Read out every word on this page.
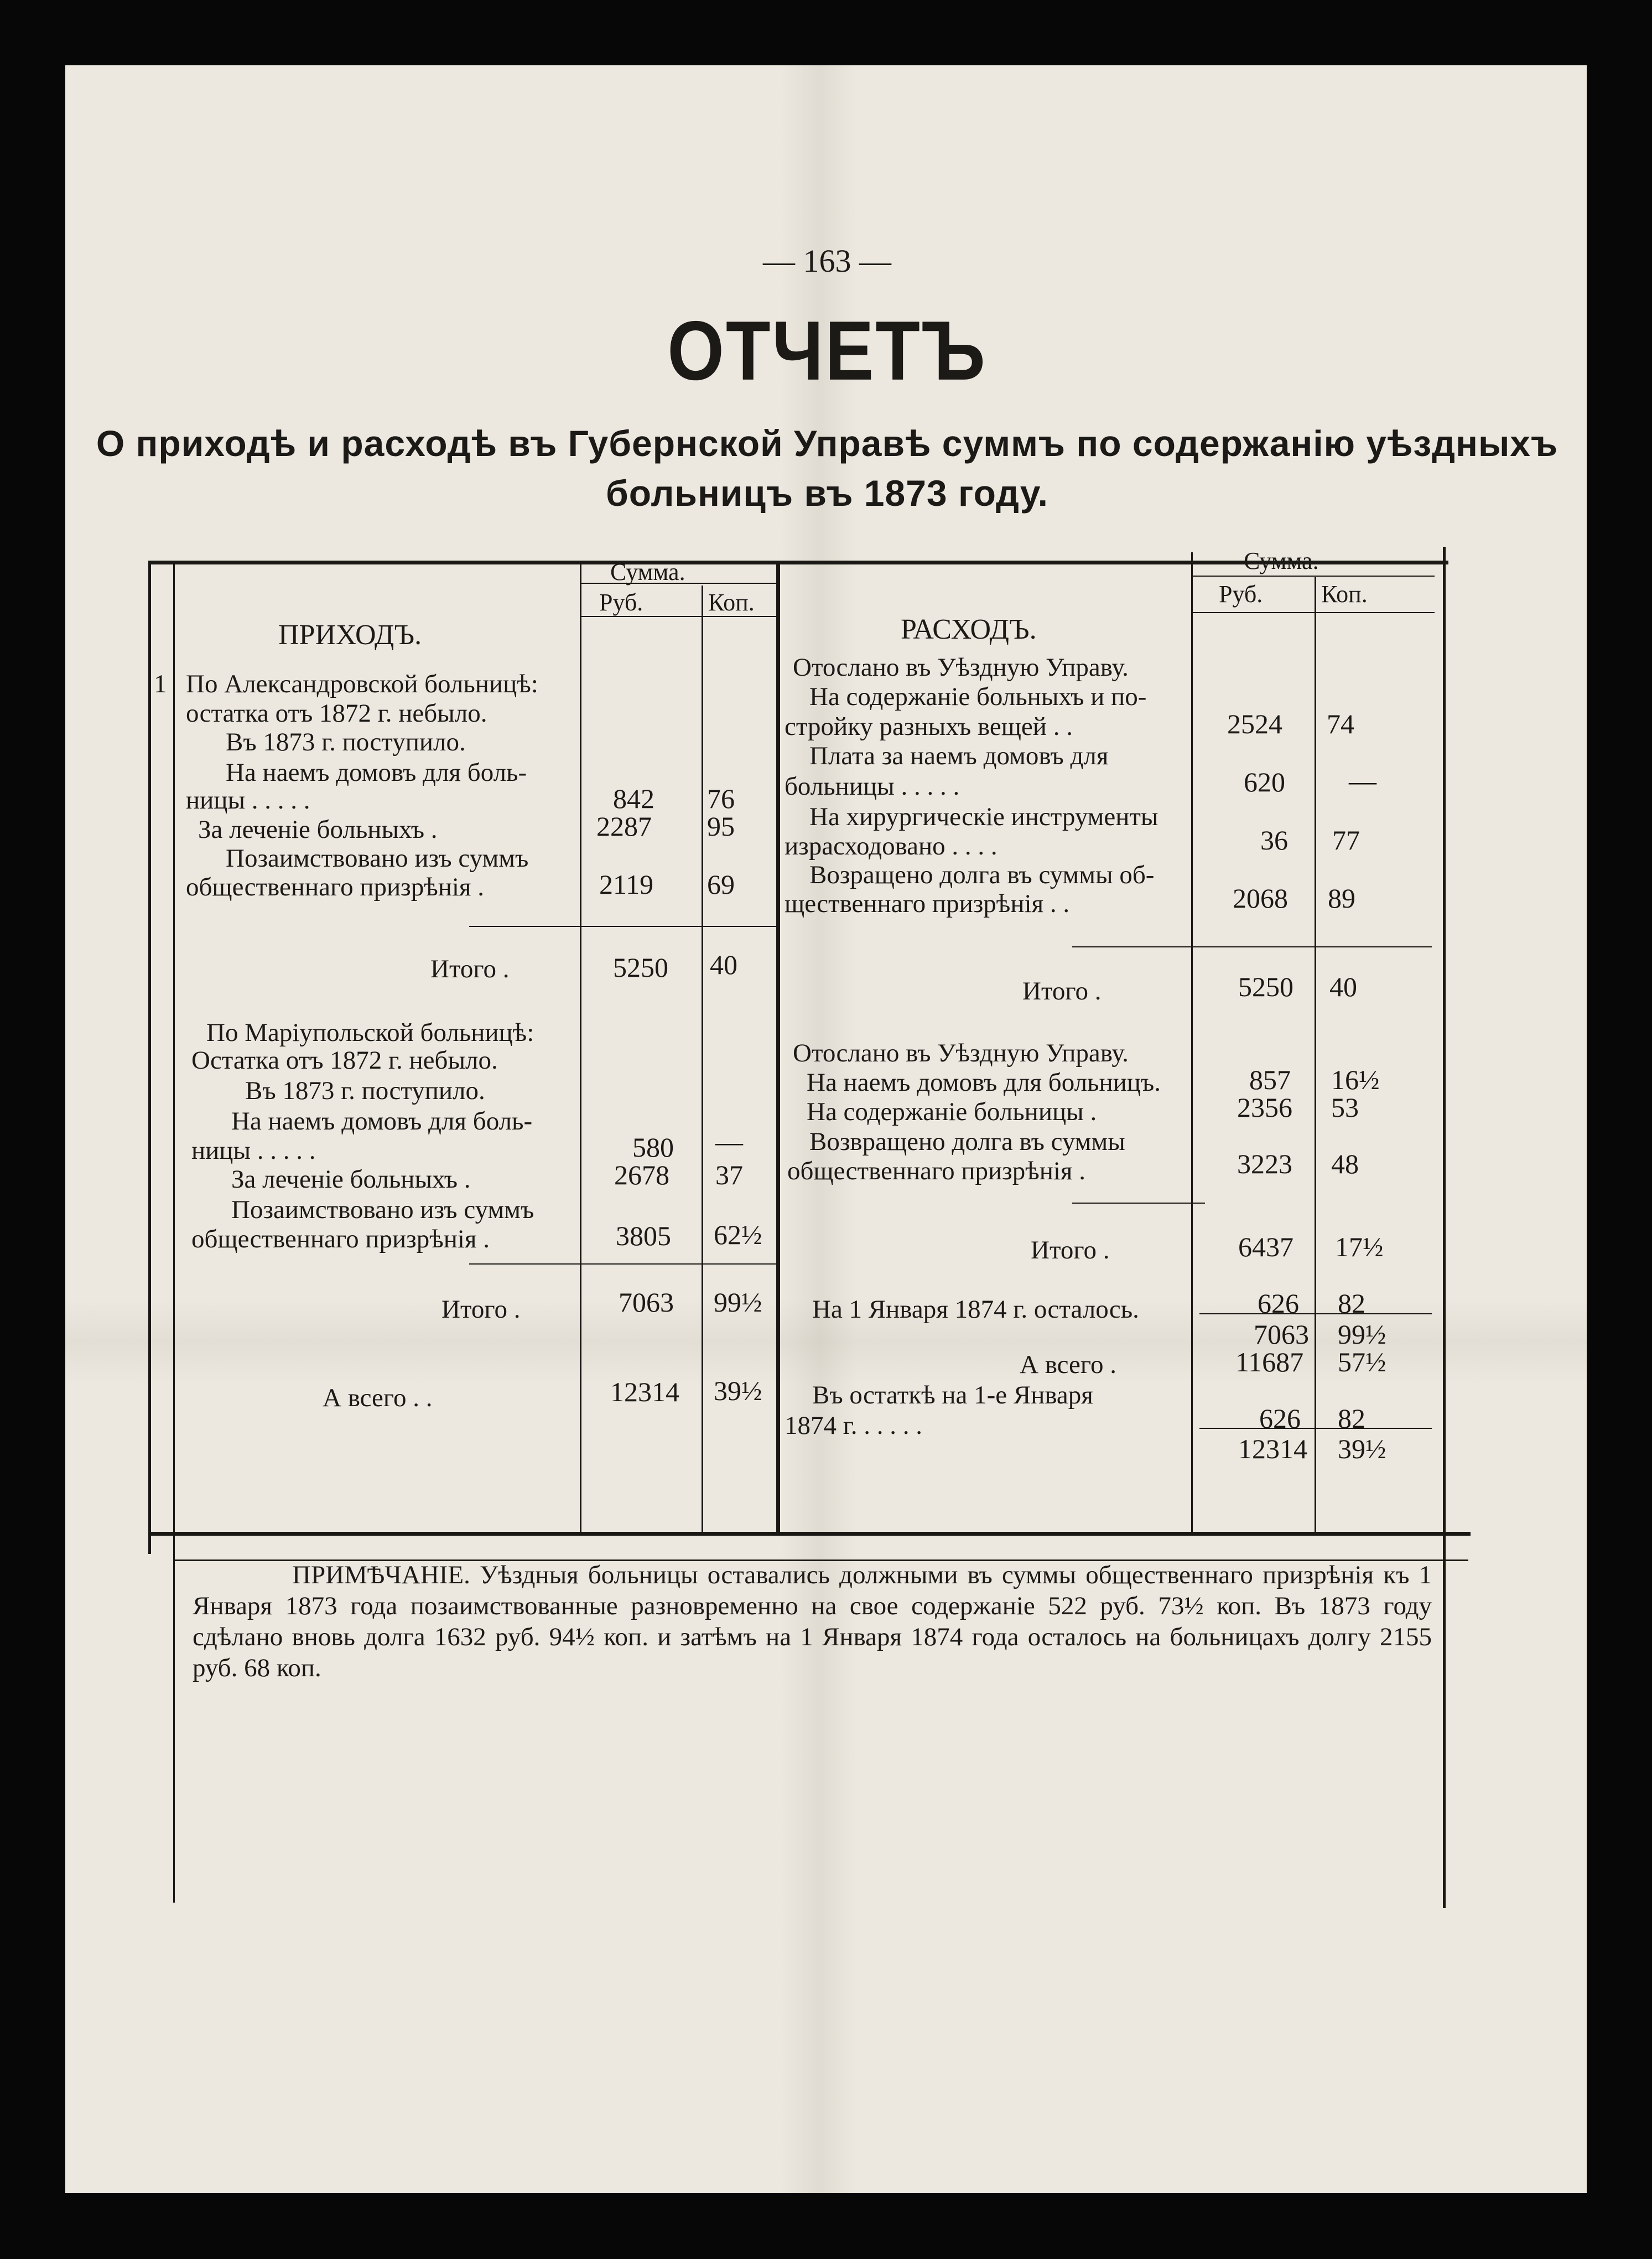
— 163 —
ОТЧЕТЪ
О приходѣ и расходѣ въ Губернской Управѣ суммъ по содержанію уѣздныхъ
больницъ въ 1873 году.
ПРИХОДЪ.
Сумма.
Руб.	Коп.
РАСХОДЪ.
Сумма.
Руб. Коп.
1 По Александровской больницѣ:
остатка отъ 1872 г. небыло.
Въ 1873 г. поступило.
На наемъ домовъ для боль-
ницы . . . . .	842 76
За леченіе больныхъ .	2287 95
Позаимствовано изъ суммъ
общественнаго призрѣнія .	2119 69
Итого .	5250 40
По Маріупольской больницѣ:
Остатка отъ 1872 г. небыло.
Въ 1873 г. поступило.
На наемъ домовъ для боль-
ницы . . . . .	580 —
За леченіе больныхъ .	2678 37
Позаимствовано изъ суммъ
общественнаго призрѣнія .	3805 62½
Итого .	7063 99½
А всего . .	12314 39½
Отослано въ Уѣздную Управу.
На содержаніе больныхъ и по-
стройку разныхъ вещей . .	2524 74
Плата за наемъ домовъ для
больницы . . . . .	620 —
На хирургическіе инструменты
израсходовано . . . .	36 77
Возращено долга въ суммы об-
щественнаго призрѣнія . .	2068 89
Итого .	5250 40
Отослано въ Уѣздную Управу.
На наемъ домовъ для больницъ.	857 16½
На содержаніе больницы .	2356 53
Возвращено долга въ суммы
общественнаго призрѣнія .	3223 48
Итого .	6437 17½
На 1 Января 1874 г. осталось.	626 82
7063 99½
А всего .	11687 57½
Въ остаткѣ на 1-е Января
1874 г. . . . . .	626 82
12314 39½
ПРИМѢЧАНІЕ. Уѣздныя больницы оставались должными въ суммы общественнаго призрѣнія къ 1 Января 1873 года позаимствованные разновременно на свое содержаніе 522 руб. 73½ коп. Въ 1873 году сдѣлано вновь долга 1632 руб. 94½ коп. и затѣмъ на 1 Января 1874 года осталось на больницахъ долгу 2155 руб. 68 коп.
